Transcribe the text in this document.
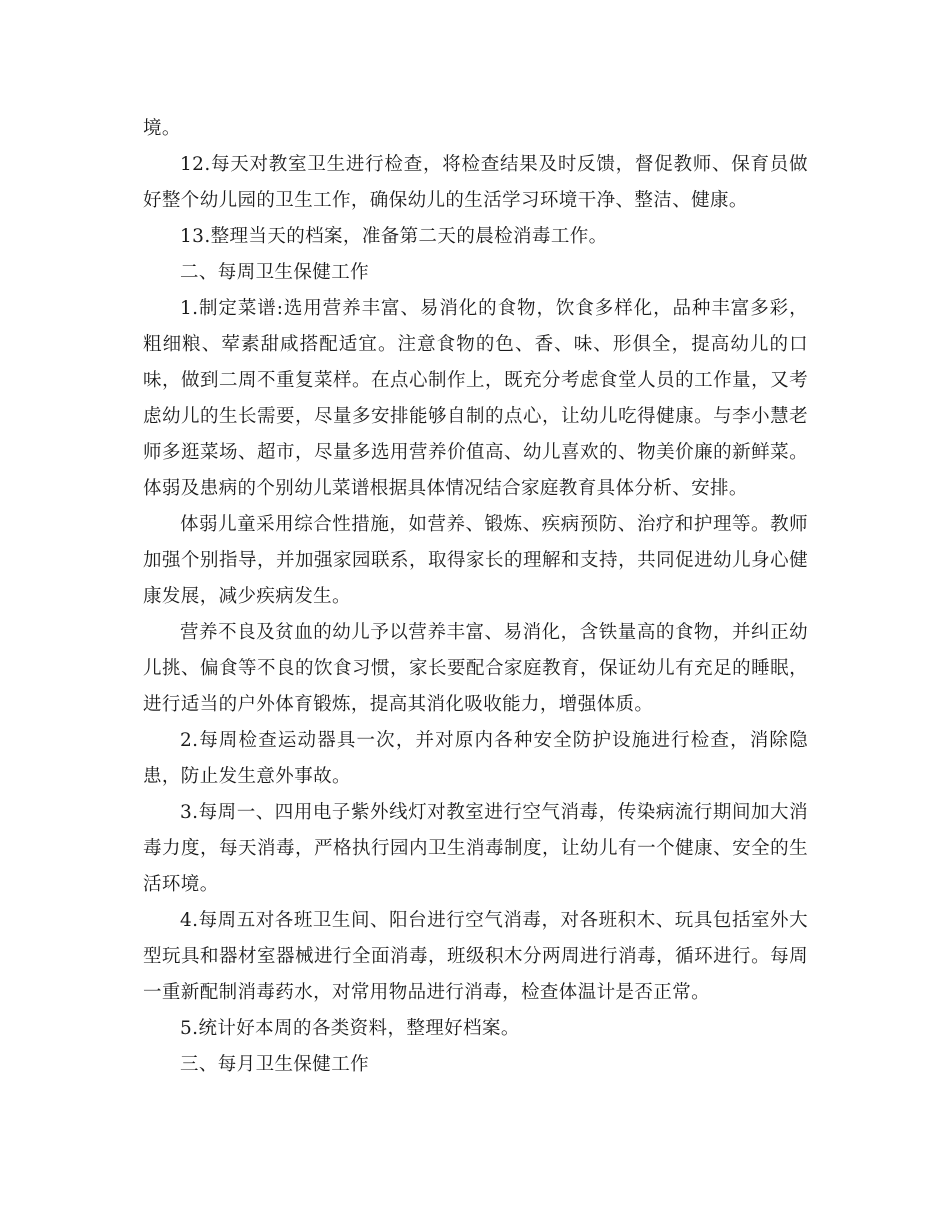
境。

12.每天对教室卫生进行检查，将检查结果及时反馈，督促教师、保育员做好整个幼儿园的卫生工作，确保幼儿的生活学习环境干净、整洁、健康。

13.整理当天的档案，准备第二天的晨检消毒工作。

二、每周卫生保健工作

1.制定菜谱:选用营养丰富、易消化的食物，饮食多样化，品种丰富多彩，粗细粮、荤素甜咸搭配适宜。注意食物的色、香、味、形俱全，提高幼儿的口味，做到二周不重复菜样。在点心制作上，既充分考虑食堂人员的工作量，又考虑幼儿的生长需要，尽量多安排能够自制的点心，让幼儿吃得健康。与李小慧老师多逛菜场、超市，尽量多选用营养价值高、幼儿喜欢的、物美价廉的新鲜菜。体弱及患病的个别幼儿菜谱根据具体情况结合家庭教育具体分析、安排。

体弱儿童采用综合性措施，如营养、锻炼、疾病预防、治疗和护理等。教师加强个别指导，并加强家园联系，取得家长的理解和支持，共同促进幼儿身心健康发展，减少疾病发生。

营养不良及贫血的幼儿予以营养丰富、易消化，含铁量高的食物，并纠正幼儿挑、偏食等不良的饮食习惯，家长要配合家庭教育，保证幼儿有充足的睡眠，进行适当的户外体育锻炼，提高其消化吸收能力，增强体质。

2.每周检查运动器具一次，并对原内各种安全防护设施进行检查，消除隐患，防止发生意外事故。

3.每周一、四用电子紫外线灯对教室进行空气消毒，传染病流行期间加大消毒力度，每天消毒，严格执行园内卫生消毒制度，让幼儿有一个健康、安全的生活环境。

4.每周五对各班卫生间、阳台进行空气消毒，对各班积木、玩具包括室外大型玩具和器材室器械进行全面消毒，班级积木分两周进行消毒，循环进行。每周一重新配制消毒药水，对常用物品进行消毒，检查体温计是否正常。

5.统计好本周的各类资料，整理好档案。

三、每月卫生保健工作
